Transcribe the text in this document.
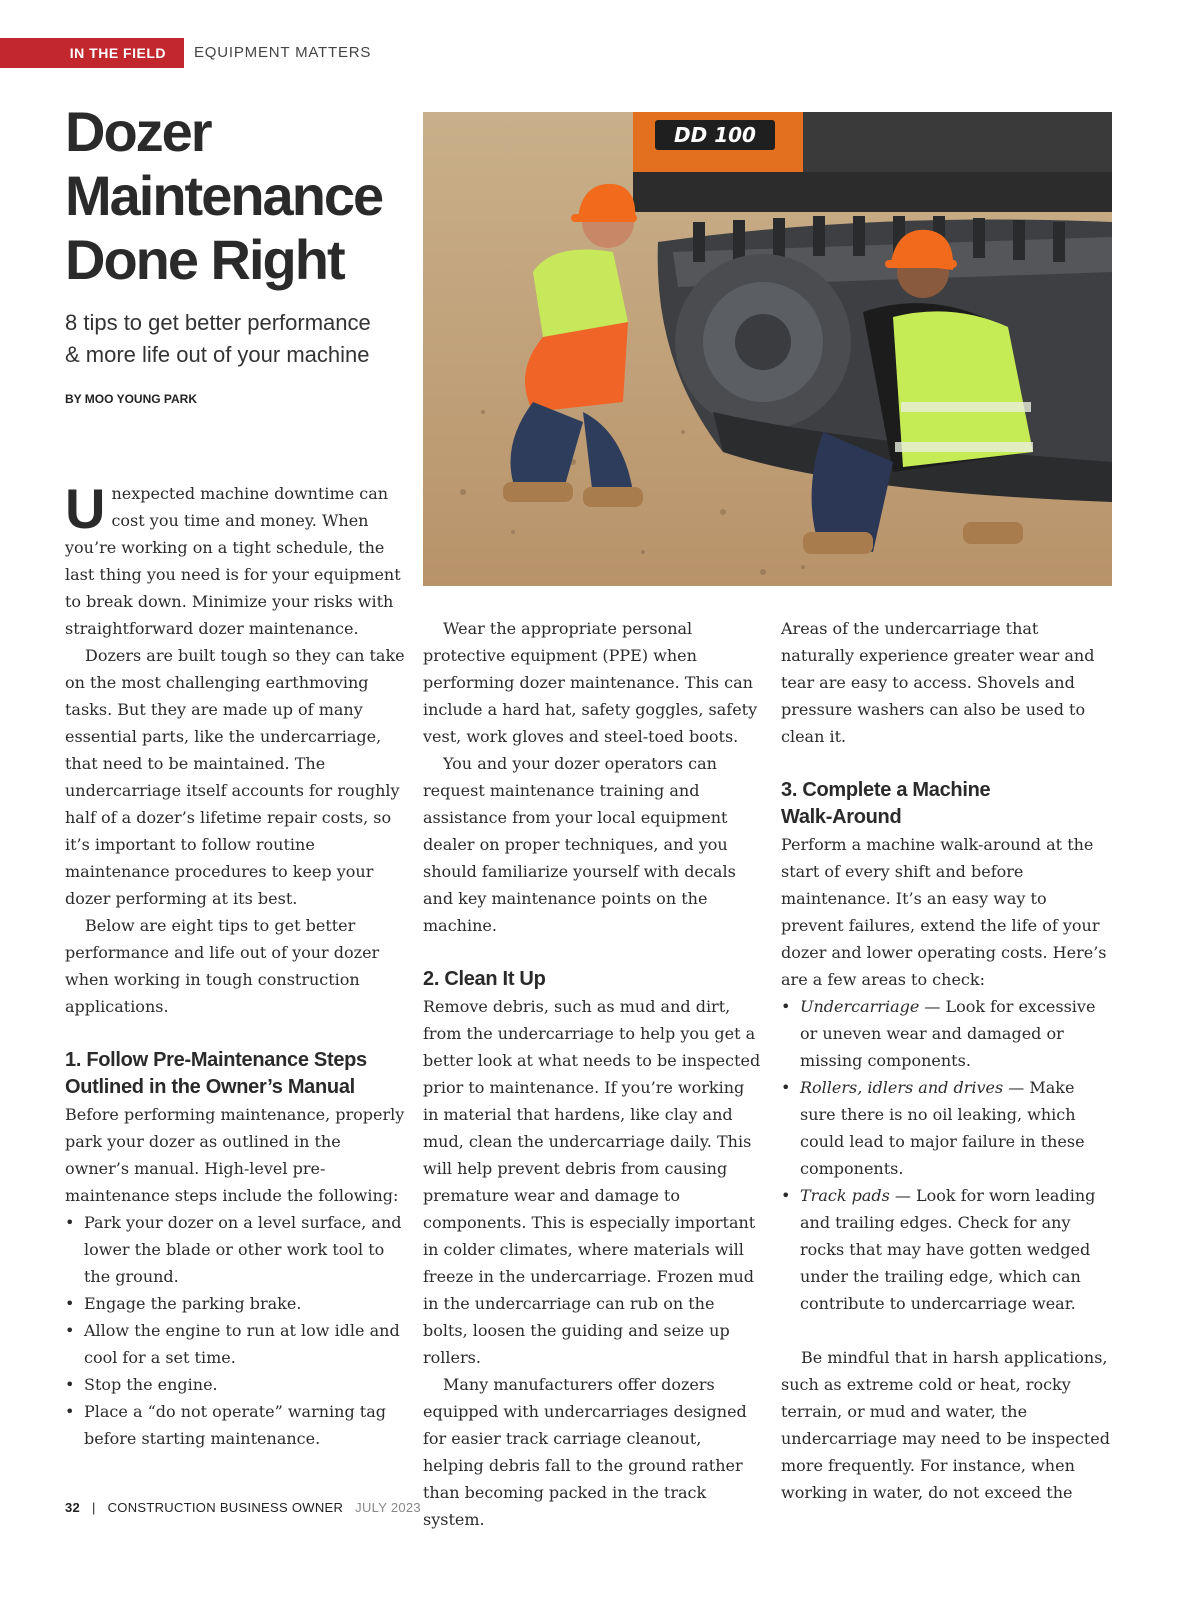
IN THE FIELD	EQUIPMENT MATTERS
Dozer
Maintenance
Done Right
8 tips to get better performance
& more life out of your machine
BY MOO YOUNG PARK
DD 100

Unexpected machine downtime can cost you time and money. When you’re working on a tight schedule, the last thing you need is for your equipment to break down. Minimize your risks with straightforward dozer maintenance.

Dozers are built tough so they can take on the most challenging earthmoving tasks. But they are made up of many essential parts, like the undercarriage, that need to be maintained. The undercarriage itself accounts for roughly half of a dozer’s lifetime repair costs, so it’s important to follow routine maintenance procedures to keep your dozer performing at its best.

Below are eight tips to get better performance and life out of your dozer when working in tough construction applications.

1. Follow Pre-Maintenance Steps Outlined in the Owner’s Manual

Before performing maintenance, properly park your dozer as outlined in the owner’s manual. High-level pre-maintenance steps include the following:

• Park your dozer on a level surface, and lower the blade or other work tool to the ground.
• Engage the parking brake.
• Allow the engine to run at low idle and cool for a set time.
• Stop the engine.
• Place a “do not operate” warning tag before starting maintenance.

Wear the appropriate personal protective equipment (PPE) when performing dozer maintenance. This can include a hard hat, safety goggles, safety vest, work gloves and steel-toed boots.

You and your dozer operators can request maintenance training and assistance from your local equipment dealer on proper techniques, and you should familiarize yourself with decals and key maintenance points on the machine.

2. Clean It Up

Remove debris, such as mud and dirt, from the undercarriage to help you get a better look at what needs to be inspected prior to maintenance. If you’re working in material that hardens, like clay and mud, clean the undercarriage daily. This will help prevent debris from causing premature wear and damage to components. This is especially important in colder climates, where materials will freeze in the undercarriage. Frozen mud in the undercarriage can rub on the bolts, loosen the guiding and seize up rollers.

Many manufacturers offer dozers equipped with undercarriages designed for easier track carriage cleanout, helping debris fall to the ground rather than becoming packed in the track system.

Areas of the undercarriage that naturally experience greater wear and tear are easy to access. Shovels and pressure washers can also be used to clean it.

3. Complete a Machine
Walk-Around

Perform a machine walk-around at the start of every shift and before maintenance. It’s an easy way to prevent failures, extend the life of your dozer and lower operating costs. Here’s are a few areas to check:

• Undercarriage — Look for excessive or uneven wear and damaged or missing components.
• Rollers, idlers and drives — Make sure there is no oil leaking, which could lead to major failure in these components.
• Track pads — Look for worn leading and trailing edges. Check for any rocks that may have gotten wedged under the trailing edge, which can contribute to undercarriage wear.

Be mindful that in harsh applications, such as extreme cold or heat, rocky terrain, or mud and water, the undercarriage may need to be inspected more frequently. For instance, when working in water, do not exceed the

32 | CONSTRUCTION BUSINESS OWNER JULY 2023
